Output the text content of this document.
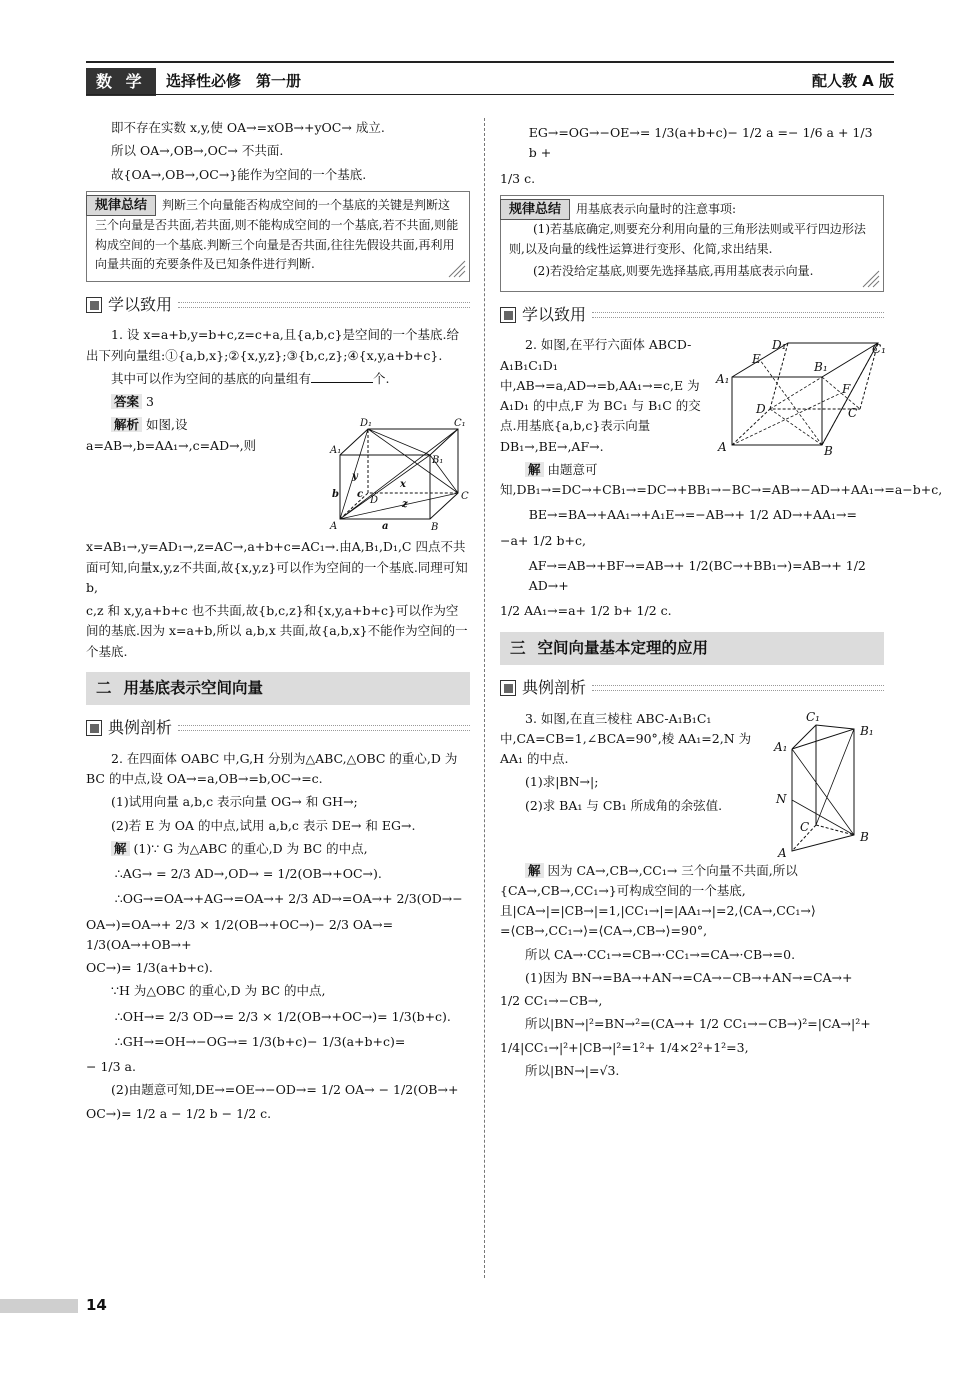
数 学	选择性必修　第一册	配人教 A 版

即不存在实数 x,y,使 OA→=xOB→+yOC→ 成立.

所以 OA→,OB→,OC→ 不共面.

故{OA→,OB→,OC→}能作为空间的一个基底.

规律总结 判断三个向量能否构成空间的一个基底的关键是判断这三个向量是否共面,若共面,则不能构成空间的一个基底,若不共面,则能构成空间的一个基底.判断三个向量是否共面,往往先假设共面,再利用向量共面的充要条件及已知条件进行判断.
学以致用

1. 设 x=a+b,y=b+c,z=c+a,且{a,b,c}是空间的一个基底.给出下列向量组:①{a,b,x};②{x,y,z};③{b,c,z};④{x,y,a+b+c}.

其中可以作为空间的基底的向量组有	个.

答案 3

D₁	C₁
A₁
B₁
D	C
A	B
y
c
b
x
z
a

解析 如图,设 a=AB→,b=AA₁→,c=AD→,则 x=AB₁→,y=AD₁→,z=AC→,a+b+c=AC₁→.由A,B₁,D₁,C 四点不共面可知,向量x,y,z不共面,故{x,y,z}可以作为空间的一个基底.同理可知 b,

c,z 和 x,y,a+b+c 也不共面,故{b,c,z}和{x,y,a+b+c}可以作为空间的基底.因为 x=a+b,所以 a,b,x 共面,故{a,b,x}不能作为空间的一个基底.

二 用基底表示空间向量
典例剖析

2. 在四面体 OABC 中,G,H 分别为△ABC,△OBC 的重心,D 为 BC 的中点,设 OA→=a,OB→=b,OC→=c.

(1)试用向量 a,b,c 表示向量 OG→ 和 GH→;

(2)若 E 为 OA 的中点,试用 a,b,c 表示 DE→ 和 EG→.

解 (1)∵ G 为△ABC 的重心,D 为 BC 的中点,

∴AG→ = 2/3 AD→,OD→ = 1/2(OB→+OC→).

∴OG→=OA→+AG→=OA→+ 2/3 AD→=OA→+ 2/3(OD→−

OA→)=OA→+ 2/3 × 1/2(OB→+OC→)− 2/3 OA→= 1/3(OA→+OB→+

OC→)= 1/3(a+b+c).

∵H 为△OBC 的重心,D 为 BC 的中点,

∴OH→= 2/3 OD→= 2/3 × 1/2(OB→+OC→)= 1/3(b+c).

∴GH→=OH→−OG→= 1/3(b+c)− 1/3(a+b+c)=

− 1/3 a.

(2)由题意可知,DE→=OE→−OD→= 1/2 OA→ − 1/2(OB→+

OC→)= 1/2 a − 1/2 b − 1/2 c.

EG→=OG→−OE→= 1/3(a+b+c)− 1/2 a =− 1/6 a + 1/3 b +

1/3 c.

规律总结 用基底表示向量时的注意事项:

(1)若基底确定,则要充分利用向量的三角形法则或平行四边形法则,以及向量的线性运算进行变形、化简,求出结果.

(2)若没给定基底,则要先选择基底,再用基底表示向量.

学以致用
D₁	C₁
E
B₁
A₁
F
D	C
A	B

2. 如图,在平行六面体 ABCD-A₁B₁C₁D₁ 中,AB→=a,AD→=b,AA₁→=c,E 为 A₁D₁ 的中点,F 为 BC₁ 与 B₁C 的交点.用基底{a,b,c}表示向量 DB₁→,BE→,AF→.

解 由题意可知,DB₁→=DC→+CB₁→=DC→+BB₁→−BC→=AB→−AD→+AA₁→=a−b+c,

BE→=BA→+AA₁→+A₁E→=−AB→+ 1/2 AD→+AA₁→=

−a+ 1/2 b+c,

AF→=AB→+BF→=AB→+ 1/2(BC→+BB₁→)=AB→+ 1/2 AD→+

1/2 AA₁→=a+ 1/2 b+ 1/2 c.

三 空间向量基本定理的应用
典例剖析
C₁
B₁
A₁
N
C
B
A

3. 如图,在直三棱柱 ABC-A₁B₁C₁ 中,CA=CB=1,∠BCA=90°,棱 AA₁=2,N 为 AA₁ 的中点.

(1)求|BN→|;

(2)求 BA₁ 与 CB₁ 所成角的余弦值.

解 因为 CA→,CB→,CC₁→ 三个向量不共面,所以{CA→,CB→,CC₁→}可构成空间的一个基底,且|CA→|=|CB→|=1,|CC₁→|=|AA₁→|=2,⟨CA→,CC₁→⟩=⟨CB→,CC₁→⟩=⟨CA→,CB→⟩=90°,

所以 CA→·CC₁→=CB→·CC₁→=CA→·CB→=0.

(1)因为 BN→=BA→+AN→=CA→−CB→+AN→=CA→+

1/2 CC₁→−CB→,

所以|BN→|²=BN→²=(CA→+ 1/2 CC₁→−CB→)²=|CA→|²+

1/4|CC₁→|²+|CB→|²=1²+ 1/4×2²+1²=3,

所以|BN→|=√3.

14
